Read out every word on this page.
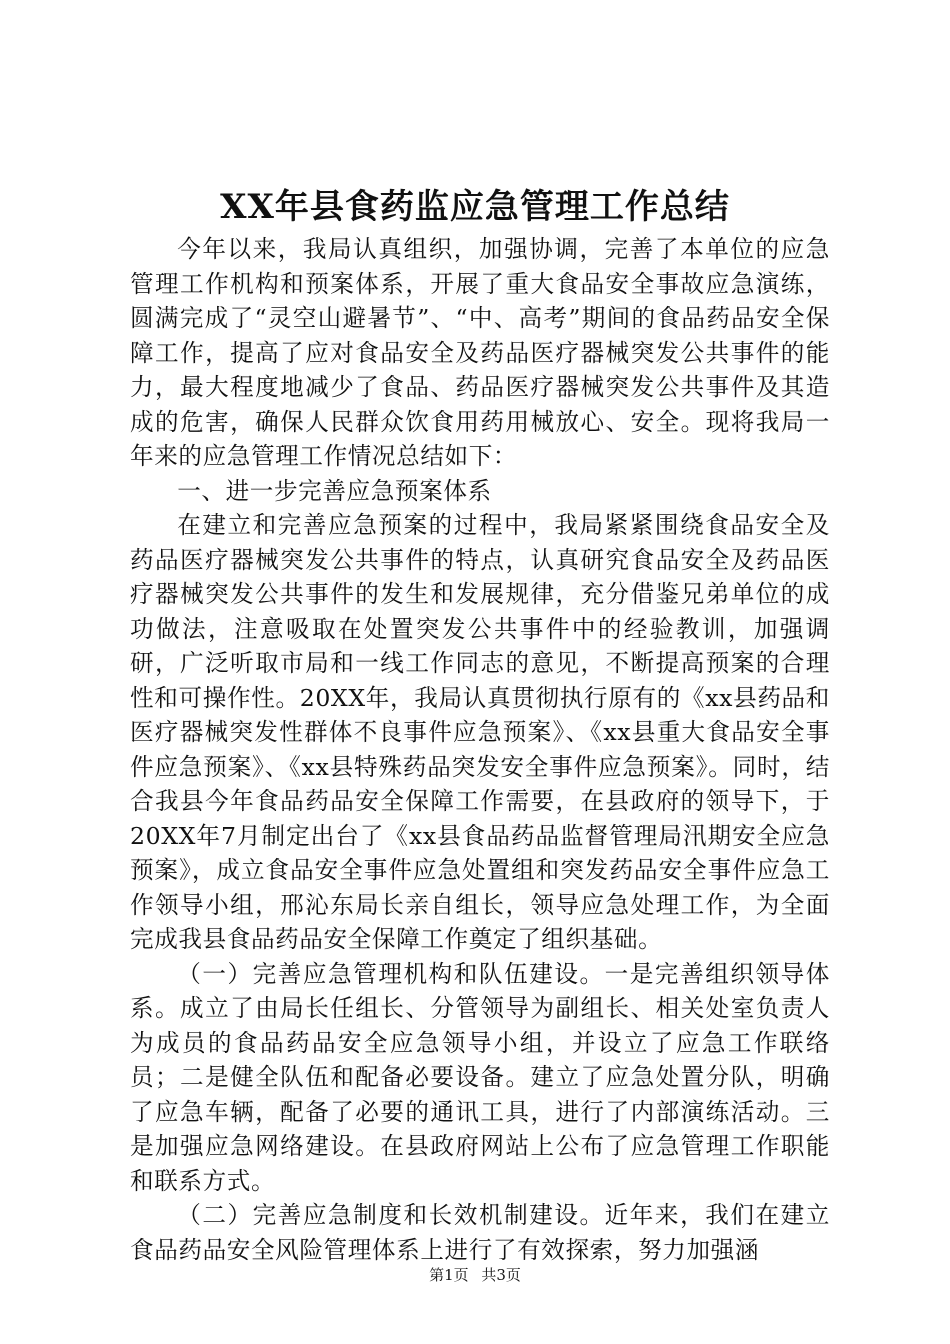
XX年县食药监应急管理工作总结

今年以来，我局认真组织，加强协调，完善了本单位的应急管理工作机构和预案体系，开展了重大食品安全事故应急演练，圆满完成了“灵空山避暑节”、“中、高考”期间的食品药品安全保障工作，提高了应对食品安全及药品医疗器械突发公共事件的能力，最大程度地减少了食品、药品医疗器械突发公共事件及其造成的危害，确保人民群众饮食用药用械放心、安全。现将我局一年来的应急管理工作情况总结如下：

一、进一步完善应急预案体系

在建立和完善应急预案的过程中，我局紧紧围绕食品安全及药品医疗器械突发公共事件的特点，认真研究食品安全及药品医疗器械突发公共事件的发生和发展规律，充分借鉴兄弟单位的成功做法，注意吸取在处置突发公共事件中的经验教训，加强调研，广泛听取市局和一线工作同志的意见，不断提高预案的合理性和可操作性。20XX年，我局认真贯彻执行原有的《xx县药品和医疗器械突发性群体不良事件应急预案》、《xx县重大食品安全事件应急预案》、《xx县特殊药品突发安全事件应急预案》。同时，结合我县今年食品药品安全保障工作需要，在县政府的领导下，于20XX年7月制定出台了《xx县食品药品监督管理局汛期安全应急预案》，成立食品安全事件应急处置组和突发药品安全事件应急工作领导小组，邢沁东局长亲自组长，领导应急处理工作，为全面完成我县食品药品安全保障工作奠定了组织基础。

（一）完善应急管理机构和队伍建设。一是完善组织领导体系。成立了由局长任组长、分管领导为副组长、相关处室负责人为成员的食品药品安全应急领导小组，并设立了应急工作联络员；二是健全队伍和配备必要设备。建立了应急处置分队，明确了应急车辆，配备了必要的通讯工具，进行了内部演练活动。三是加强应急网络建设。在县政府网站上公布了应急管理工作职能和联系方式。

（二）完善应急制度和长效机制建设。近年来，我们在建立食品药品安全风险管理体系上进行了有效探索，努力加强涵

第1页 共3页
